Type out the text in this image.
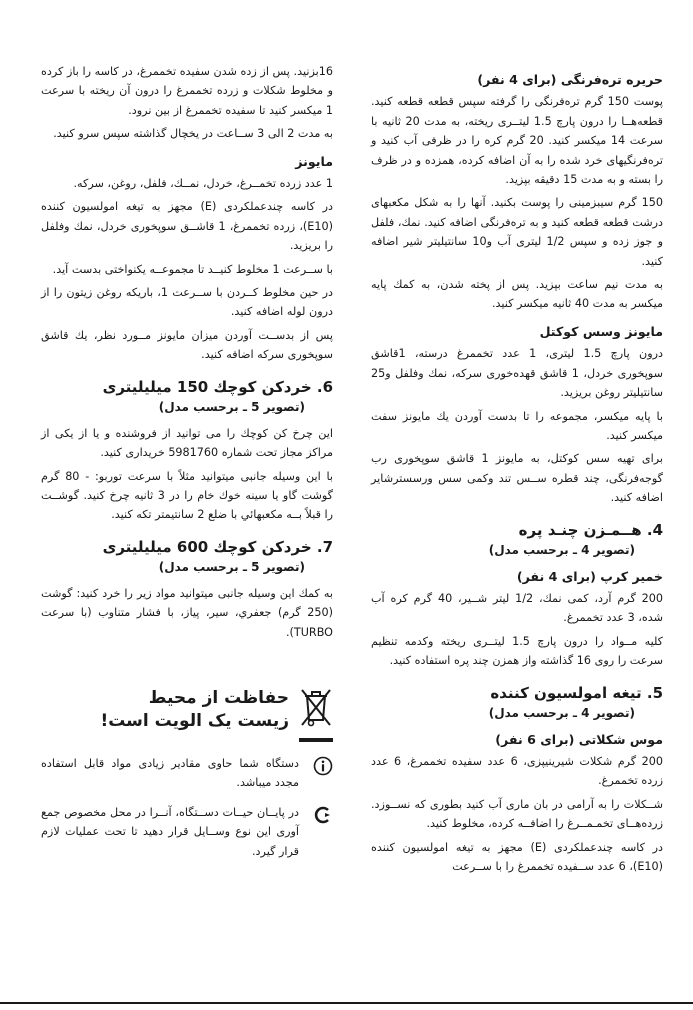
حریره ترەفرنگی (برای 4 نفر)

پوست 150 گرم ترەفرنگی را گرفته سپس قطعه قطعه کنید. قطعەهــا را درون پارچ 1.5 لیتــری ریخته، به مدت 20 ثانیه با سرعت 14 میکسر کنید. 20 گرم کره را در ظرفی آب کنید و ترەفرنگیهای خرد شده را به آن اضافه کرده، همزده و در ظرف را بسته و به مدت 15 دقیقه بپزید.

150 گرم سیبزمینی را پوست بکنید. آنها را به شکل مکعبهای درشت قطعه قطعه کنید و به ترەفرنگی اضافه کنید. نمك، فلفل و جوز زده و سپس 1/2 لیتری آب و10 سانتیلیتر شیر اضافه کنید.

به مدت نیم ساعت بپزید. پس از پخته شدن، به کمك پایه میکسر به مدت 40 ثانیه میکسر کنید.

مایونز وسس کوکتل

درون پارچ 1.5 لیتری، 1 عدد تخممرغ درسته، 1قاشق سوپخوری خردل، 1 قاشق قهدەخوری سرکه، نمك وفلفل و25 سانتیلیتر روغن بریزید.

با پایه میکسر، مجموعه را تا بدست آوردن يك مایونز سفت میکسر کنید.

برای تهیه سس کوکتل، به مایونز 1 قاشق سوپخوری رب گوجەفرنگی، چند قطره ســس تند وکمی سس ورسسترشایر اضافه کنید.

4. هــمـزن چنـد پره
(تصویر 4 ـ برحسب مدل)
خمیر کرپ (برای 4 نفر)

200 گرم آرد، کمی نمك، 1/2 لیتر شــیر، 40 گرم کره آب شده، 3 عدد تخممرغ.

کلیه مــواد را درون پارچ 1.5 لیتــری ریخته وکدمه تنظیم سرعت را روی 16 گذاشته واز همزن چند پره استفاده کنید.

5. تیغه امولسیون کننده
(تصویر 4 ـ برحسب مدل)
موس شکلاتی (برای 6 نفر)

200 گرم شکلات شیرینیپزی، 6 عدد سفیده تخممرغ، 6 عدد زرده تخممرغ.

شــکلات را به آرامی در بان ماری آب کنید بطوری که نســوزد. زردەهــای تخمـمــرغ را اضافــه کرده، مخلوط کنید.

در کاسه چندعملکردی (E) مجهز به تیغه امولسیون کننده (E10)، 6 عدد ســفیده تخممرغ را با ســرعت

16بزنید. پس از زده شدن سفیده تخممرغ، در کاسه را باز کرده و مخلوط شکلات و زرده تخممرغ را درون آن ریخته با سرعت 1 میکسر کنید تا سفیده تخممرغ از بین نرود.

به مدت 2 الی 3 ســاعت در یخچال گذاشته سپس سرو کنید.

مایونز

1 عدد زرده تخمــرغ، خردل، نمــك، فلفل، روغن، سرکه.

در کاسه چندعملکردی (E) مجهز به تیغه امولسیون کننده (E10)، زرده تخممرغ، 1 قاشــق سوپخوری خردل، نمك وفلفل را بریزید.

با ســرعت 1 مخلوط کنیــد تا مجموعــه یکنواختی بدست آید.

در حین مخلوط کــردن با ســرعت 1، باریکه روغن زیتون را از درون لوله اضافه کنید.

پس از بدســت آوردن میزان مایونز مــورد نظر، يك قاشق سوپخوری سرکه اضافه کنید.

6. خردکن کوچك 150 میلیلیتری
(تصویر 5 ـ برحسب مدل)

این چرخ کن کوچك را می توانید از فروشنده و یا از یکی از مراکز مجاز تحت شماره 5981760 خریداری کنید.

با این وسیله جانبی میتوانید مثلاً با سرعت توربو: - 80 گرم گوشت گاو یا سینه خوك خام را در 3 ثانیه چرخ کنید. گوشــت را قبلاً بــه مکعبهائي با ضلع 2 سانتیمتر تکه کنید.

7. خردکن کوچك 600 میلیلیتری
(تصویر 5 ـ برحسب مدل)

به کمك این وسیله جانبی میتوانید مواد زیر را خرد کنید: گوشت (250 گرم) جعفري، سیر، پیاز، با فشار متناوب (با سرعت TURBO).

حفاظت از محیط
زیست یک الویت است!
دستگاه شما حاوی مقادیر زیادی مواد قابل استفاده مجدد میباشد.
در پایــان حیــات دســتگاه، آنــرا در محل مخصوص جمع آوری این نوع وســایل قرار دهید تا تحت عملیات لازم قرار گیرد.
